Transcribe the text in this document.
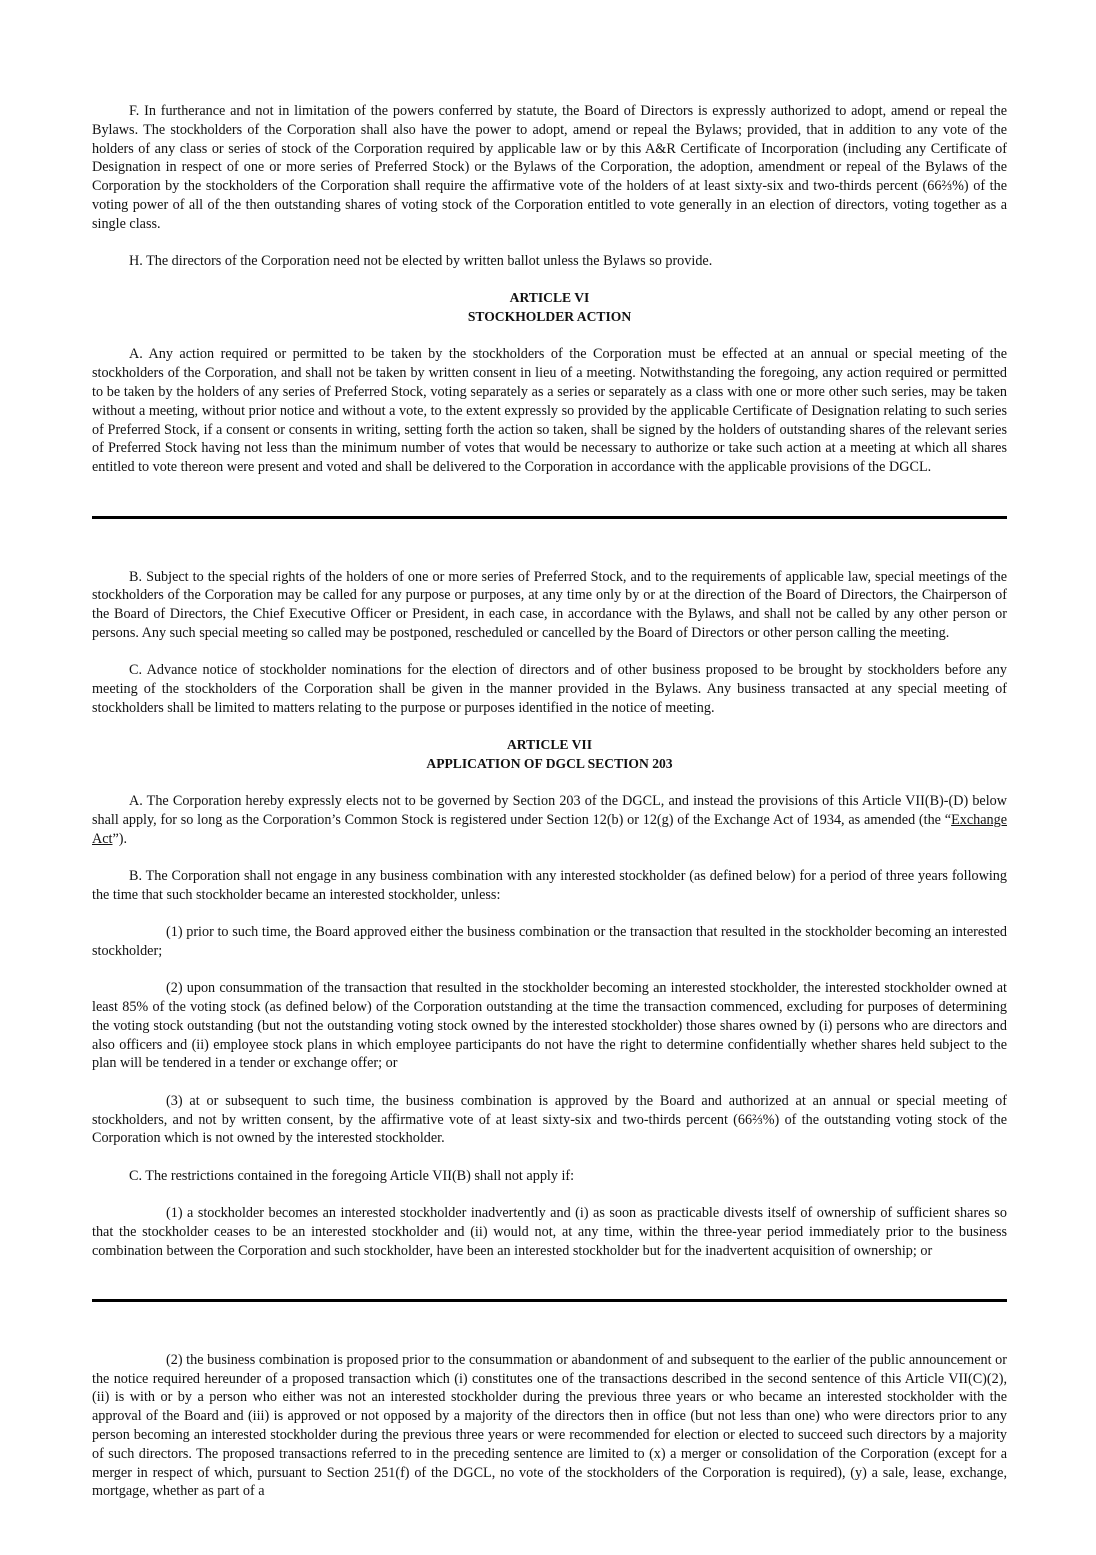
F. In furtherance and not in limitation of the powers conferred by statute, the Board of Directors is expressly authorized to adopt, amend or repeal the Bylaws. The stockholders of the Corporation shall also have the power to adopt, amend or repeal the Bylaws; provided, that in addition to any vote of the holders of any class or series of stock of the Corporation required by applicable law or by this A&R Certificate of Incorporation (including any Certificate of Designation in respect of one or more series of Preferred Stock) or the Bylaws of the Corporation, the adoption, amendment or repeal of the Bylaws of the Corporation by the stockholders of the Corporation shall require the affirmative vote of the holders of at least sixty-six and two-thirds percent (66⅔%) of the voting power of all of the then outstanding shares of voting stock of the Corporation entitled to vote generally in an election of directors, voting together as a single class.

H. The directors of the Corporation need not be elected by written ballot unless the Bylaws so provide.

ARTICLE VI
STOCKHOLDER ACTION

A. Any action required or permitted to be taken by the stockholders of the Corporation must be effected at an annual or special meeting of the stockholders of the Corporation, and shall not be taken by written consent in lieu of a meeting. Notwithstanding the foregoing, any action required or permitted to be taken by the holders of any series of Preferred Stock, voting separately as a series or separately as a class with one or more other such series, may be taken without a meeting, without prior notice and without a vote, to the extent expressly so provided by the applicable Certificate of Designation relating to such series of Preferred Stock, if a consent or consents in writing, setting forth the action so taken, shall be signed by the holders of outstanding shares of the relevant series of Preferred Stock having not less than the minimum number of votes that would be necessary to authorize or take such action at a meeting at which all shares entitled to vote thereon were present and voted and shall be delivered to the Corporation in accordance with the applicable provisions of the DGCL.

B. Subject to the special rights of the holders of one or more series of Preferred Stock, and to the requirements of applicable law, special meetings of the stockholders of the Corporation may be called for any purpose or purposes, at any time only by or at the direction of the Board of Directors, the Chairperson of the Board of Directors, the Chief Executive Officer or President, in each case, in accordance with the Bylaws, and shall not be called by any other person or persons. Any such special meeting so called may be postponed, rescheduled or cancelled by the Board of Directors or other person calling the meeting.

C. Advance notice of stockholder nominations for the election of directors and of other business proposed to be brought by stockholders before any meeting of the stockholders of the Corporation shall be given in the manner provided in the Bylaws. Any business transacted at any special meeting of stockholders shall be limited to matters relating to the purpose or purposes identified in the notice of meeting.

ARTICLE VII
APPLICATION OF DGCL SECTION 203

A. The Corporation hereby expressly elects not to be governed by Section 203 of the DGCL, and instead the provisions of this Article VII(B)-(D) below shall apply, for so long as the Corporation’s Common Stock is registered under Section 12(b) or 12(g) of the Exchange Act of 1934, as amended (the “Exchange Act”).

B. The Corporation shall not engage in any business combination with any interested stockholder (as defined below) for a period of three years following the time that such stockholder became an interested stockholder, unless:

(1) prior to such time, the Board approved either the business combination or the transaction that resulted in the stockholder becoming an interested stockholder;

(2) upon consummation of the transaction that resulted in the stockholder becoming an interested stockholder, the interested stockholder owned at least 85% of the voting stock (as defined below) of the Corporation outstanding at the time the transaction commenced, excluding for purposes of determining the voting stock outstanding (but not the outstanding voting stock owned by the interested stockholder) those shares owned by (i) persons who are directors and also officers and (ii) employee stock plans in which employee participants do not have the right to determine confidentially whether shares held subject to the plan will be tendered in a tender or exchange offer; or

(3) at or subsequent to such time, the business combination is approved by the Board and authorized at an annual or special meeting of stockholders, and not by written consent, by the affirmative vote of at least sixty-six and two-thirds percent (66⅔%) of the outstanding voting stock of the Corporation which is not owned by the interested stockholder.

C. The restrictions contained in the foregoing Article VII(B) shall not apply if:

(1) a stockholder becomes an interested stockholder inadvertently and (i) as soon as practicable divests itself of ownership of sufficient shares so that the stockholder ceases to be an interested stockholder and (ii) would not, at any time, within the three-year period immediately prior to the business combination between the Corporation and such stockholder, have been an interested stockholder but for the inadvertent acquisition of ownership; or

(2) the business combination is proposed prior to the consummation or abandonment of and subsequent to the earlier of the public announcement or the notice required hereunder of a proposed transaction which (i) constitutes one of the transactions described in the second sentence of this Article VII(C)(2), (ii) is with or by a person who either was not an interested stockholder during the previous three years or who became an interested stockholder with the approval of the Board and (iii) is approved or not opposed by a majority of the directors then in office (but not less than one) who were directors prior to any person becoming an interested stockholder during the previous three years or were recommended for election or elected to succeed such directors by a majority of such directors. The proposed transactions referred to in the preceding sentence are limited to (x) a merger or consolidation of the Corporation (except for a merger in respect of which, pursuant to Section 251(f) of the DGCL, no vote of the stockholders of the Corporation is required), (y) a sale, lease, exchange, mortgage, whether as part of a
